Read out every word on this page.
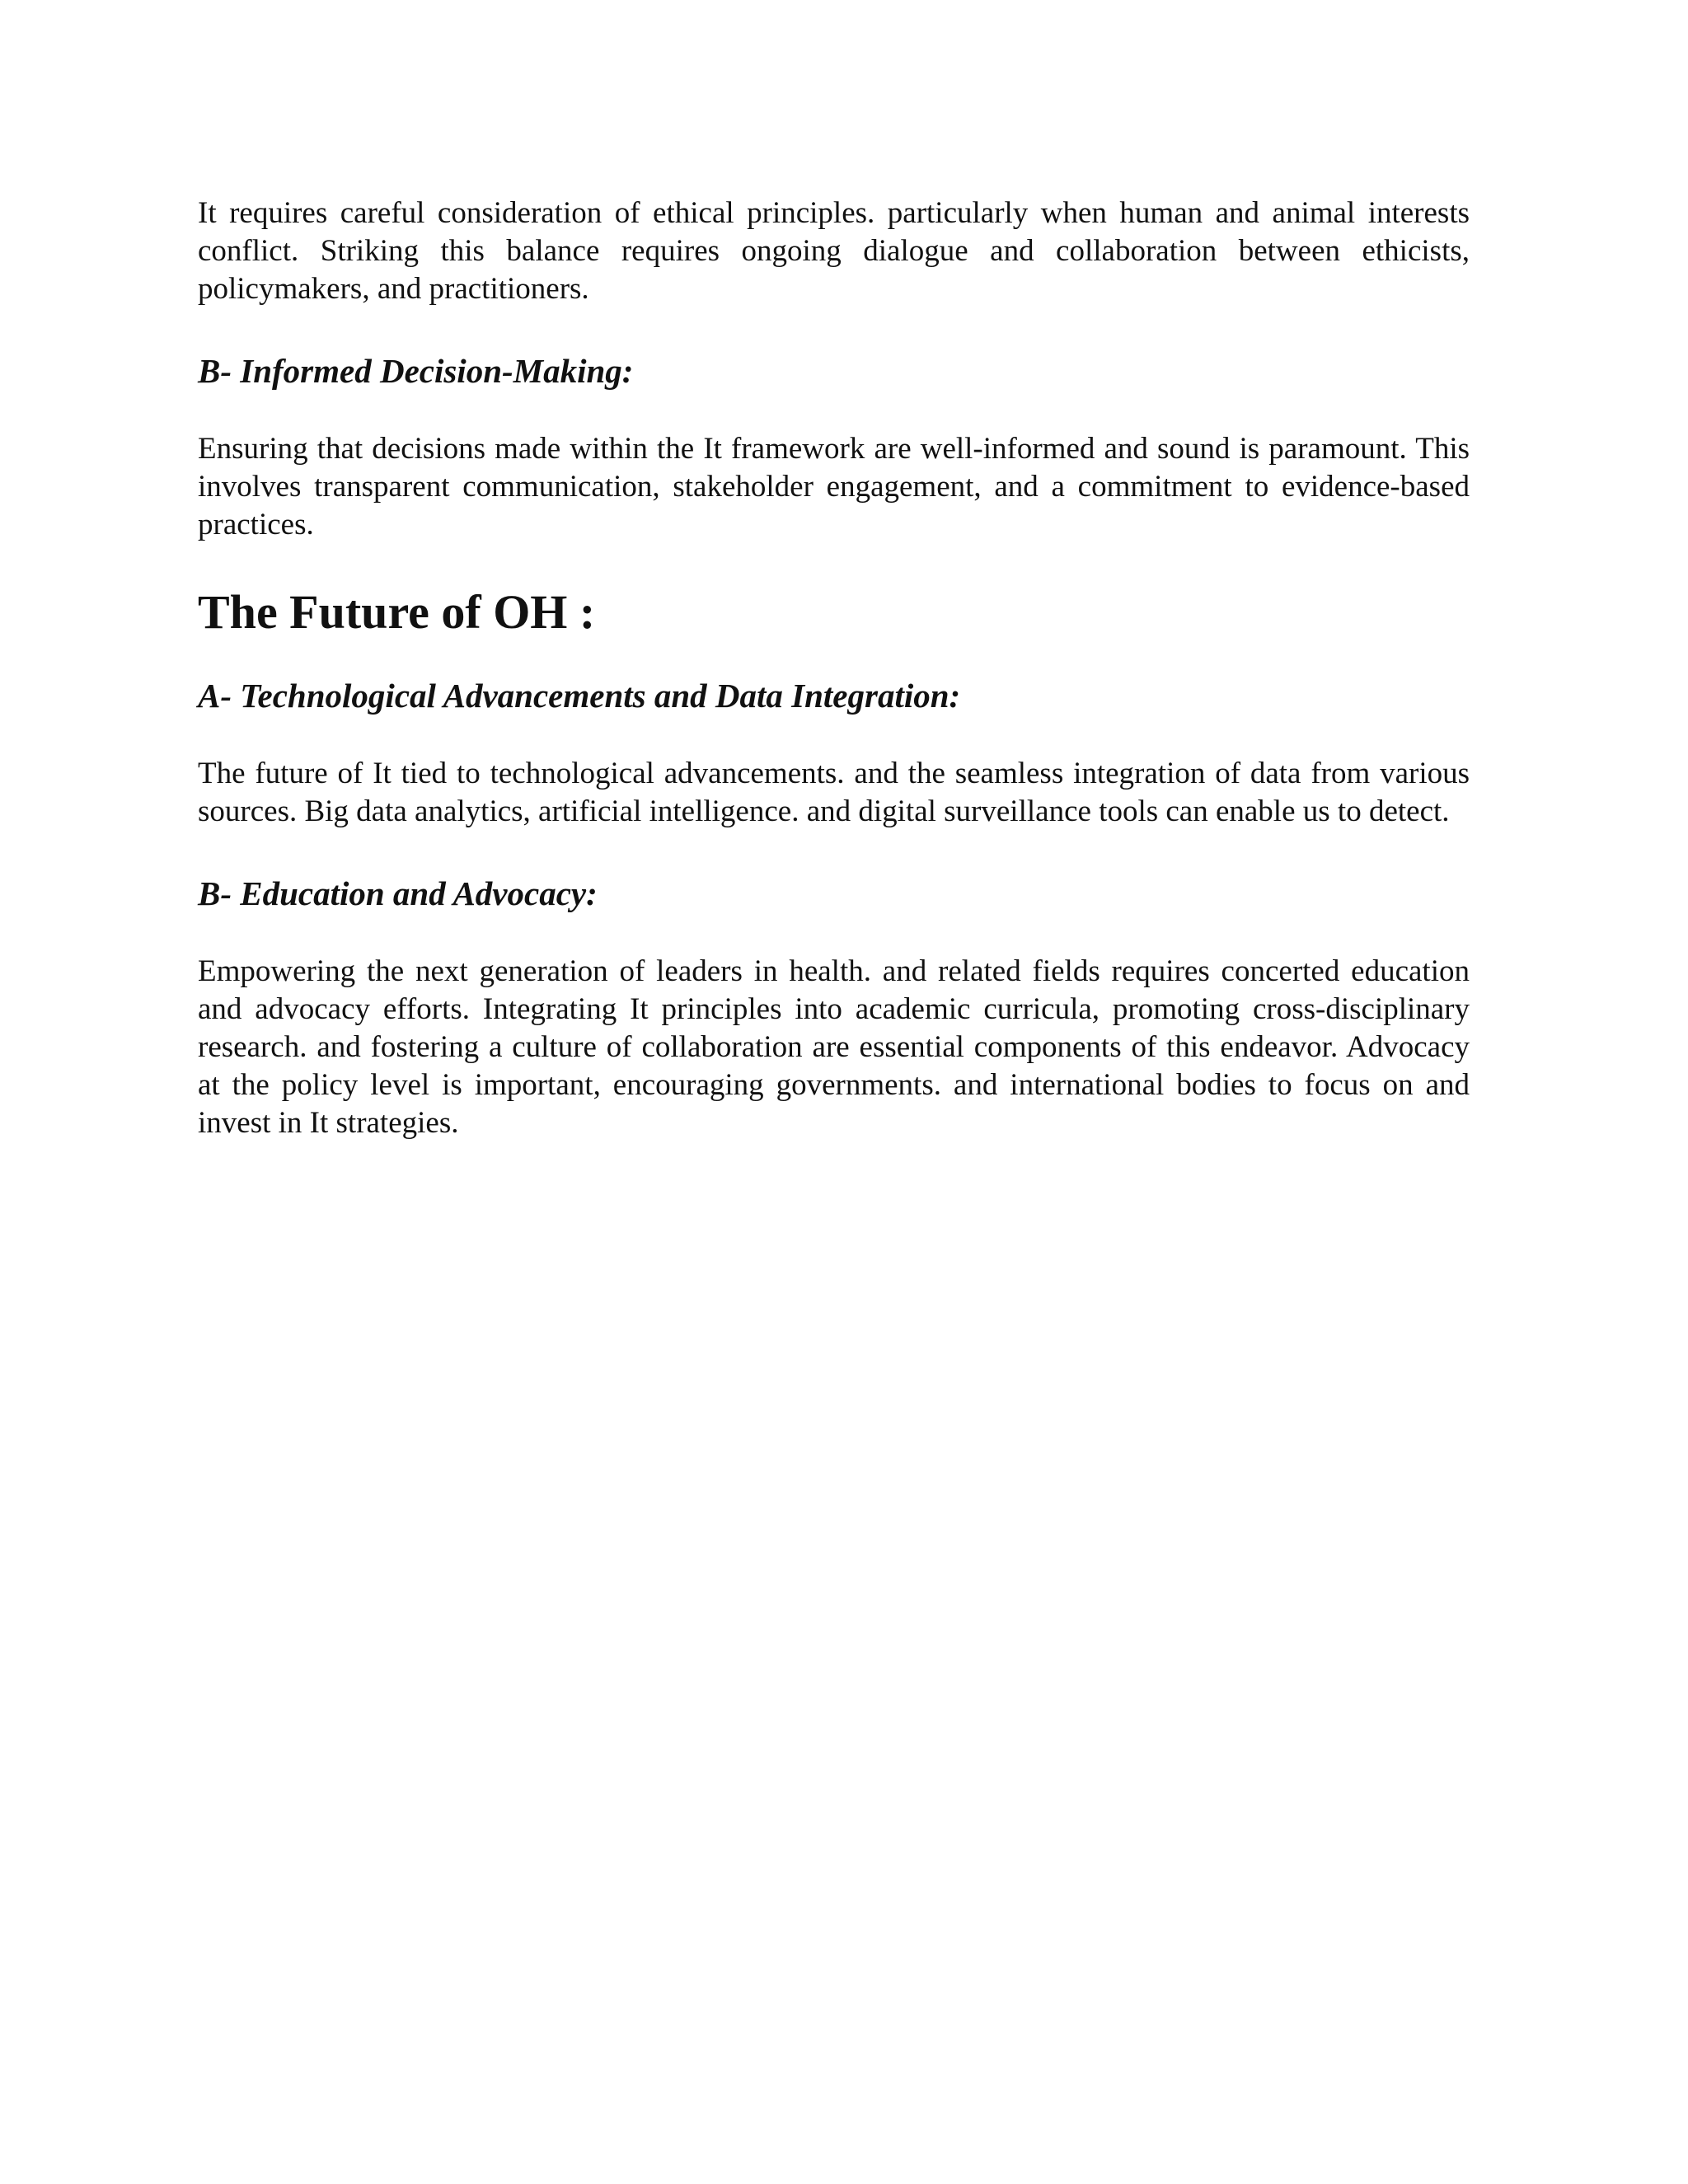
It requires careful consideration of ethical principles. particularly when human and animal interests conflict. Striking this balance requires ongoing dialogue and collaboration between ethicists, policymakers, and practitioners.

B- Informed Decision-Making:

Ensuring that decisions made within the It framework are well-informed and sound is paramount. This involves transparent communication, stakeholder engagement, and a commitment to evidence-based practices.

The Future of OH :
A- Technological Advancements and Data Integration:

The future of It tied to technological advancements. and the seamless integration of data from various sources. Big data analytics, artificial intelligence. and digital surveillance tools can enable us to detect.

B- Education and Advocacy:

Empowering the next generation of leaders in health. and related fields requires concerted education and advocacy efforts. Integrating It principles into academic curricula, promoting cross-disciplinary research. and fostering a culture of collaboration are essential components of this endeavor. Advocacy at the policy level is important, encouraging governments. and international bodies to focus on and invest in It strategies.
